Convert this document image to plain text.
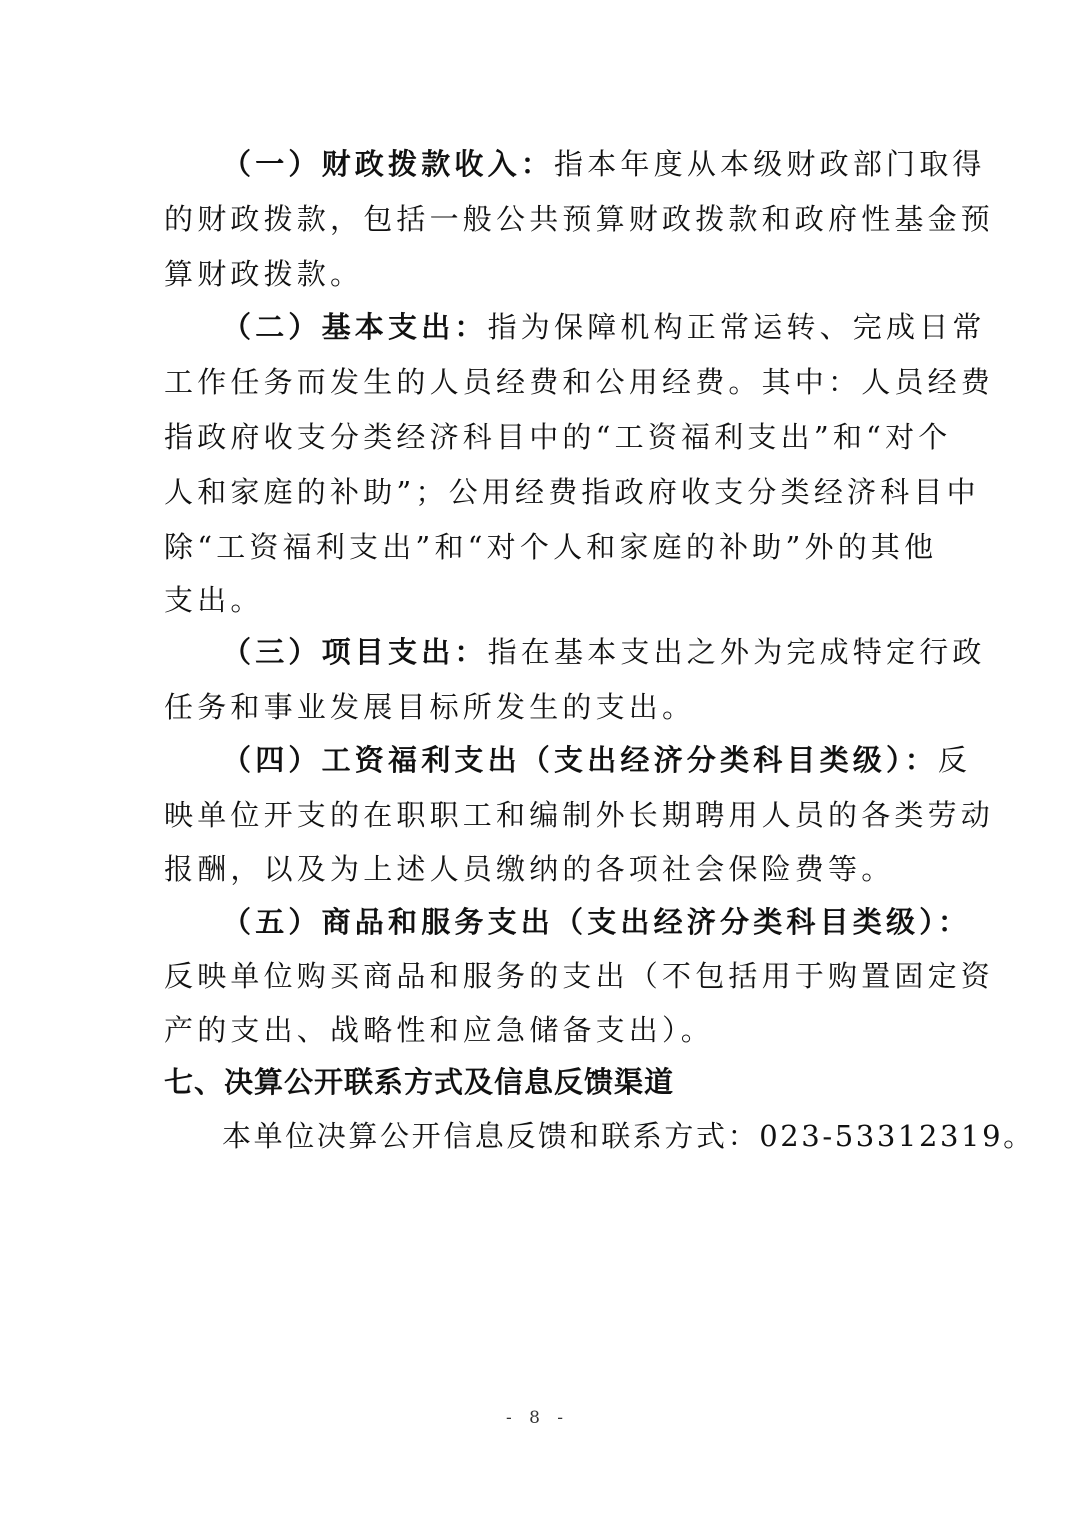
（一）财政拨款收入：指本年度从本级财政部门取得
的财政拨款，包括一般公共预算财政拨款和政府性基金预
算财政拨款。
（二）基本支出：指为保障机构正常运转、完成日常
工作任务而发生的人员经费和公用经费。其中：人员经费
指政府收支分类经济科目中的“工资福利支出”和“对个
人和家庭的补助”；公用经费指政府收支分类经济科目中
除“工资福利支出”和“对个人和家庭的补助”外的其他
支出。
（三）项目支出：指在基本支出之外为完成特定行政
任务和事业发展目标所发生的支出。
（四）工资福利支出（支出经济分类科目类级）：反
映单位开支的在职职工和编制外长期聘用人员的各类劳动
报酬，以及为上述人员缴纳的各项社会保险费等。
（五）商品和服务支出（支出经济分类科目类级）：
反映单位购买商品和服务的支出（不包括用于购置固定资
产的支出、战略性和应急储备支出）。
七、决算公开联系方式及信息反馈渠道
本单位决算公开信息反馈和联系方式：023-53312319。
- 8 -
